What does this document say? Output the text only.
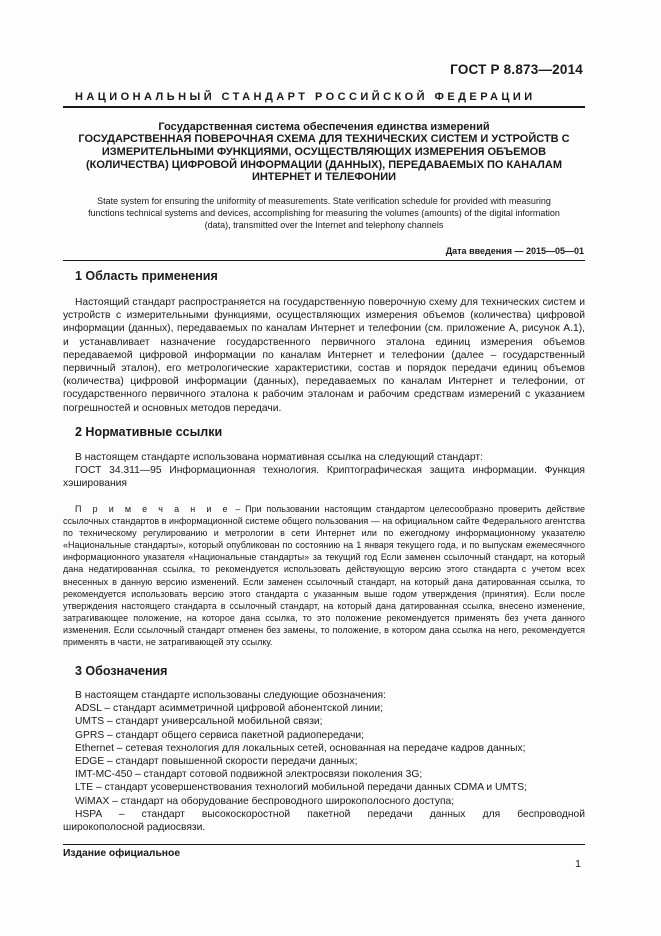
ГОСТ Р 8.873—2014
НАЦИОНАЛЬНЫЙ СТАНДАРТ РОССИЙСКОЙ ФЕДЕРАЦИИ
Государственная система обеспечения единства измерений
ГОСУДАРСТВЕННАЯ ПОВЕРОЧНАЯ СХЕМА ДЛЯ ТЕХНИЧЕСКИХ СИСТЕМ И УСТРОЙСТВ С
ИЗМЕРИТЕЛЬНЫМИ ФУНКЦИЯМИ, ОСУЩЕСТВЛЯЮЩИХ ИЗМЕРЕНИЯ ОБЪЕМОВ
(КОЛИЧЕСТВА) ЦИФРОВОЙ ИНФОРМАЦИИ (ДАННЫХ), ПЕРЕДАВАЕМЫХ ПО КАНАЛАМ
ИНТЕРНЕТ И ТЕЛЕФОНИИ
State system for ensuring the uniformity of measurements. State verification schedule for provided with measuring
functions technical systems and devices, accomplishing for measuring the volumes (amounts) of the digital information
(data), transmitted over the Internet and telephony channels
Дата введения — 2015—05—01
1 Область применения

Настоящий стандарт распространяется на государственную поверочную схему для технических систем и устройств с измерительными функциями, осуществляющих измерения объемов (количества) цифровой информации (данных), передаваемых по каналам Интернет и телефонии (см. приложение А, рисунок А.1), и устанавливает назначение государственного первичного эталона единиц измерения объемов передаваемой цифровой информации по каналам Интернет и телефонии (далее – государственный первичный эталон), его метрологические характеристики, состав и порядок передачи единиц объемов (количества) цифровой информации (данных), передаваемых по каналам Интернет и телефонии, от государственного первичного эталона к рабочим эталонам и рабочим средствам измерений с указанием погрешностей и основных методов передачи.

2 Нормативные ссылки

В настоящем стандарте использована нормативная ссылка на следующий стандарт:

ГОСТ 34.311—95 Информационная технология. Криптографическая защита информации. Функция хэширования

П р и м е ч а н и е – При пользовании настоящим стандартом целесообразно проверить действие ссылочных стандартов в информационной системе общего пользования — на официальном сайте Федерального агентства по техническому регулированию и метрологии в сети Интернет или по ежегодному информационному указателю «Национальные стандарты», который опубликован по состоянию на 1 января текущего года, и по выпускам ежемесячного информационного указателя «Национальные стандарты» за текущий год Если заменен ссылочный стандарт, на который дана недатированная ссылка, то рекомендуется использовать действующую версию этого стандарта с учетом всех внесенных в данную версию изменений. Если заменен ссылочный стандарт, на который дана датированная ссылка, то рекомендуется использовать версию этого стандарта с указанным выше годом утверждения (принятия). Если после утверждения настоящего стандарта в ссылочный стандарт, на который дана датированная ссылка, внесено изменение, затрагивающее положение, на которое дана ссылка, то это положение рекомендуется применять без учета данного изменения. Если ссылочный стандарт отменен без замены, то положение, в котором дана ссылка на него, рекомендуется применять в части, не затрагивающей эту ссылку.
3 Обозначения
В настоящем стандарте использованы следующие обозначения:
ADSL – стандарт асимметричной цифровой абонентской линии;
UMTS – стандарт универсальной мобильной связи;
GPRS – стандарт общего сервиса пакетной радиопередачи;
Ethernet – сетевая технология для локальных сетей, основанная на передаче кадров данных;
EDGE – стандарт повышенной скорости передачи данных;
IMT-MC-450 – стандарт сотовой подвижной электросвязи поколения 3G;
LTE – стандарт усовершенствования технологий мобильной передачи данных CDMA и UMTS;
WiMAX – стандарт на оборудование беспроводного широкополосного доступа;
HSPA – стандарт высокоскоростной пакетной передачи данных для беспроводной
широкополосной радиосвязи.
Издание официальное
1
